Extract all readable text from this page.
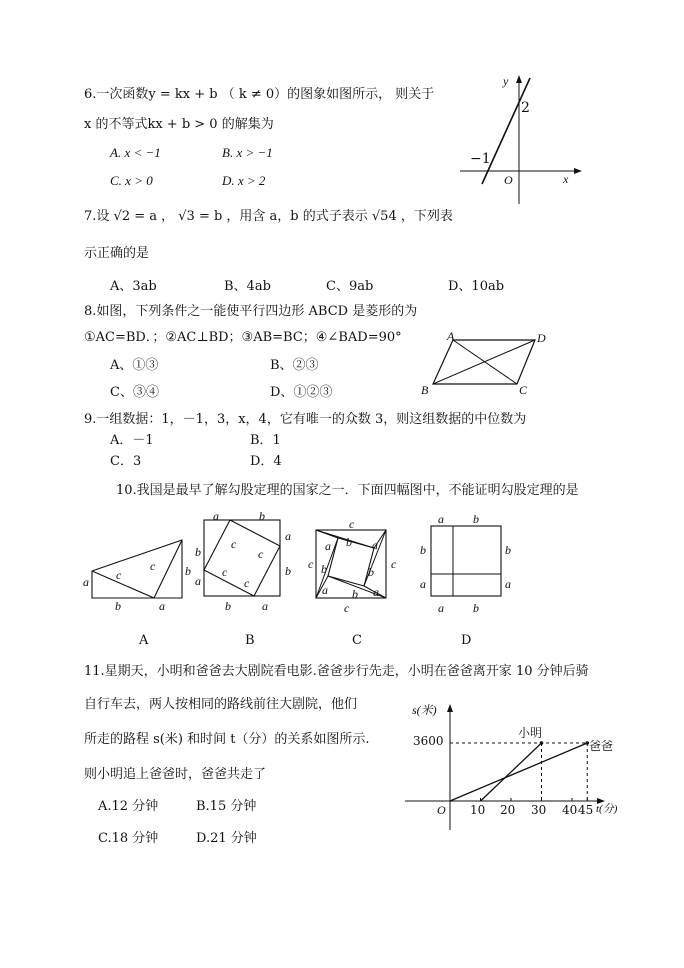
6.一次函数y = kx + b （ k ≠ 0）的图象如图所示， 则关于
x 的不等式kx + b > 0 的解集为
A. x < −1	B. x > −1
C. x > 0	D. x > 2
y
2
−1
O	x
7.设 √2 = a ， √3 = b ，用含 a，b 的式子表示 √54 ，下列表
示正确的是
A、3ab	B、4ab	C、9ab	D、10ab
8.如图，下列条件之一能使平行四边形 ABCD 是菱形的为
①AC=BD．；②AC⊥BD；③AB=BC；④∠BAD=90°
A、①③	B、②③
C、③④	D、①②③
A	D
B	C
9.一组数据：1，－1，3，x，4，它有唯一的众数 3，则这组数据的中位数为
A．－1	B．1
C．3	D．4
10.我国是最早了解勾股定理的国家之一．下面四幅图中，不能证明勾股定理的是
a c
c b
b	a
A
a	b
b
a
a
b
b	a
c
c
c
c
B
c
c	c
c
a b a
b	b
a b a
C
a b
b	b
a	a
a b
D
11.星期天，小明和爸爸去大剧院看电影.爸爸步行先走，小明在爸爸离开家 10 分钟后骑
自行车去，两人按相同的路线前往大剧院，他们
所走的路程 s(米) 和时间 t（分）的关系如图所示.
则小明追上爸爸时，爸爸共走了
A.12 分钟	B.15 分钟
C.18 分钟	D.21 分钟
s(米)
3600
O 10 20 30 40 45 t(分)
小明
爸爸
